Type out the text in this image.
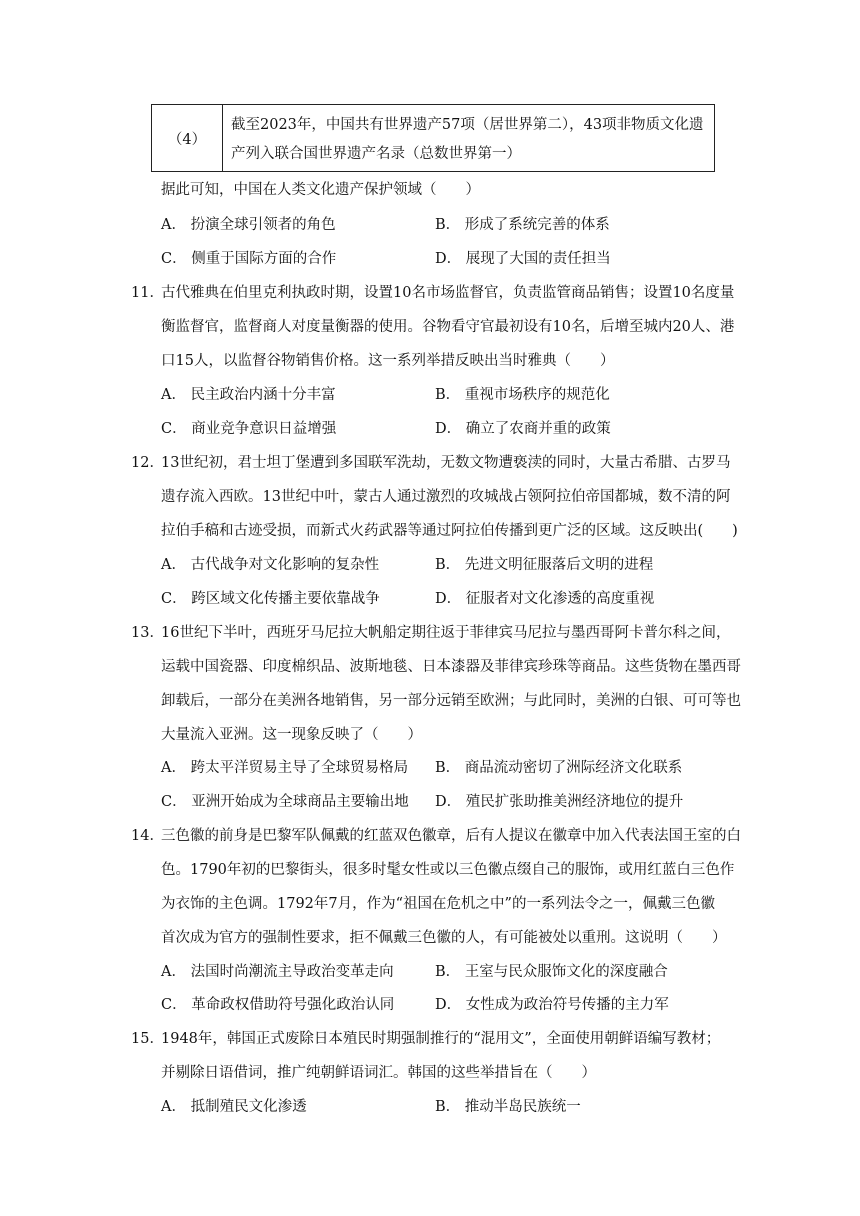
（4）
截至2023年，中国共有世界遗产57项（居世界第二），43项非物质文化遗
产列入联合国世界遗产名录（总数世界第一）
据此可知，中国在人类文化遗产保护领域（　　）
A． 扮演全球引领者的角色	B． 形成了系统完善的体系
C． 侧重于国际方面的合作	D． 展现了大国的责任担当
11．
古代雅典在伯里克利执政时期，设置10名市场监督官，负责监管商品销售；设置10名度量
衡监督官，监督商人对度量衡器的使用。谷物看守官最初设有10名，后增至城内20人、港
口15人，以监督谷物销售价格。这一系列举措反映出当时雅典（　　）
A． 民主政治内涵十分丰富	B． 重视市场秩序的规范化
C． 商业竞争意识日益增强	D． 确立了农商并重的政策
12．
13世纪初，君士坦丁堡遭到多国联军洗劫，无数文物遭亵渎的同时，大量古希腊、古罗马
遗存流入西欧。13世纪中叶，蒙古人通过激烈的攻城战占领阿拉伯帝国都城，数不清的阿
拉伯手稿和古迹受损，而新式火药武器等通过阿拉伯传播到更广泛的区域。这反映出(　　)
A． 古代战争对文化影响的复杂性	B． 先进文明征服落后文明的进程
C． 跨区域文化传播主要依靠战争	D． 征服者对文化渗透的高度重视
13．
16世纪下半叶，西班牙马尼拉大帆船定期往返于菲律宾马尼拉与墨西哥阿卡普尔科之间，
运载中国瓷器、印度棉织品、波斯地毯、日本漆器及菲律宾珍珠等商品。这些货物在墨西哥
卸载后，一部分在美洲各地销售，另一部分远销至欧洲；与此同时，美洲的白银、可可等也
大量流入亚洲。这一现象反映了（　　）
A． 跨太平洋贸易主导了全球贸易格局 B． 商品流动密切了洲际经济文化联系
C． 亚洲开始成为全球商品主要输出地 D． 殖民扩张助推美洲经济地位的提升
14．
三色徽的前身是巴黎军队佩戴的红蓝双色徽章，后有人提议在徽章中加入代表法国王室的白
色。1790年初的巴黎街头，很多时髦女性或以三色徽点缀自己的服饰，或用红蓝白三色作
为衣饰的主色调。1792年7月，作为“祖国在危机之中”的一系列法令之一，佩戴三色徽
首次成为官方的强制性要求，拒不佩戴三色徽的人，有可能被处以重刑。这说明（　　）
A． 法国时尚潮流主导政治变革走向	B． 王室与民众服饰文化的深度融合
C． 革命政权借助符号强化政治认同	D． 女性成为政治符号传播的主力军
15．
1948年，韩国正式废除日本殖民时期强制推行的“混用文”，全面使用朝鲜语编写教材；
并剔除日语借词，推广纯朝鲜语词汇。韩国的这些举措旨在（　　）
A． 抵制殖民文化渗透	B． 推动半岛民族统一
